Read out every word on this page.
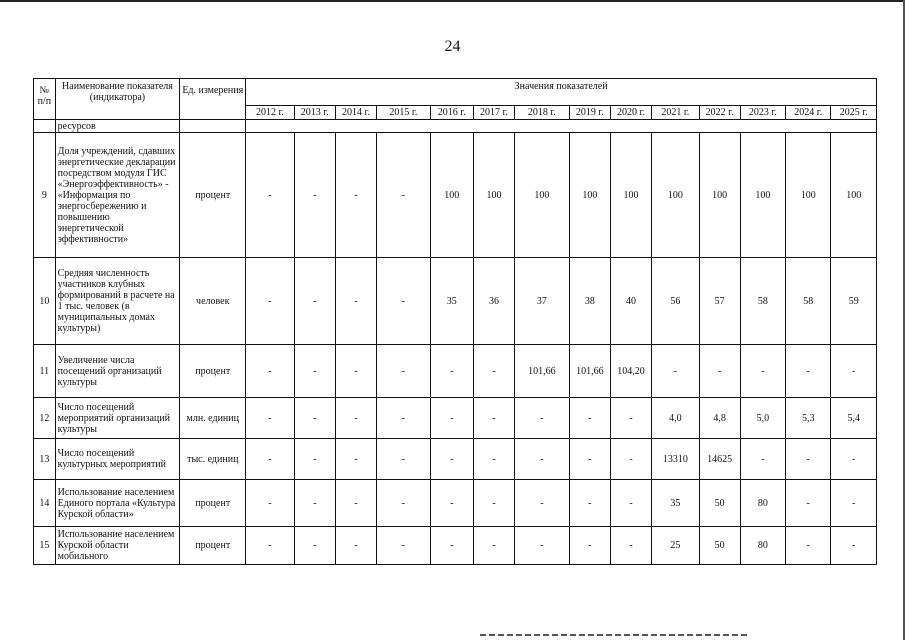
24
№ п/п	Наименование показателя (индикатора)	Ед. измерения	Значения показателей													
			2012 г.	2013 г.	2014 г.	2015 г.	2016 г.	2017 г.	2018 г.	2019 г.	2020 г.	2021 г.	2022 г.	2023 г.	2024 г.	2025 г.
	ресурсов															
9	Доля учреждений, сдавших энергетические декларации посредством модуля ГИС «Энергоэффективность» - «Информация по энергосбережению и повышению энергетической эффективности»	процент	-	-	-	-	100	100	100	100	100	100	100	100	100	100
10	Средняя численность участников клубных формирований в расчете на 1 тыс. человек (в муниципальных домах культуры)	человек	-	-	-	-	35	36	37	38	40	56	57	58	58	59
11	Увеличение числа посещений организаций культуры	процент	-	-	-	-	-	-	101,66	101,66	104,20	-	-	-	-	-
12	Число посещений мероприятий организаций культуры	млн. единиц	-	-	-	-	-	-	-	-	-	4,0	4,8	5,0	5,3	5,4
13	Число посещений культурных мероприятий	тыс. единиц	-	-	-	-	-	-	-	-	-	13310	14625	-	-	-
14	Использование населением Единого портала «Культура Курской области»	процент	-	-	-	-	-	-	-	-	-	35	50	80	-	-
15	Использование населением Курской области мобильного	процент	-	-	-	-	-	-	-	-	-	25	50	80	-	-
